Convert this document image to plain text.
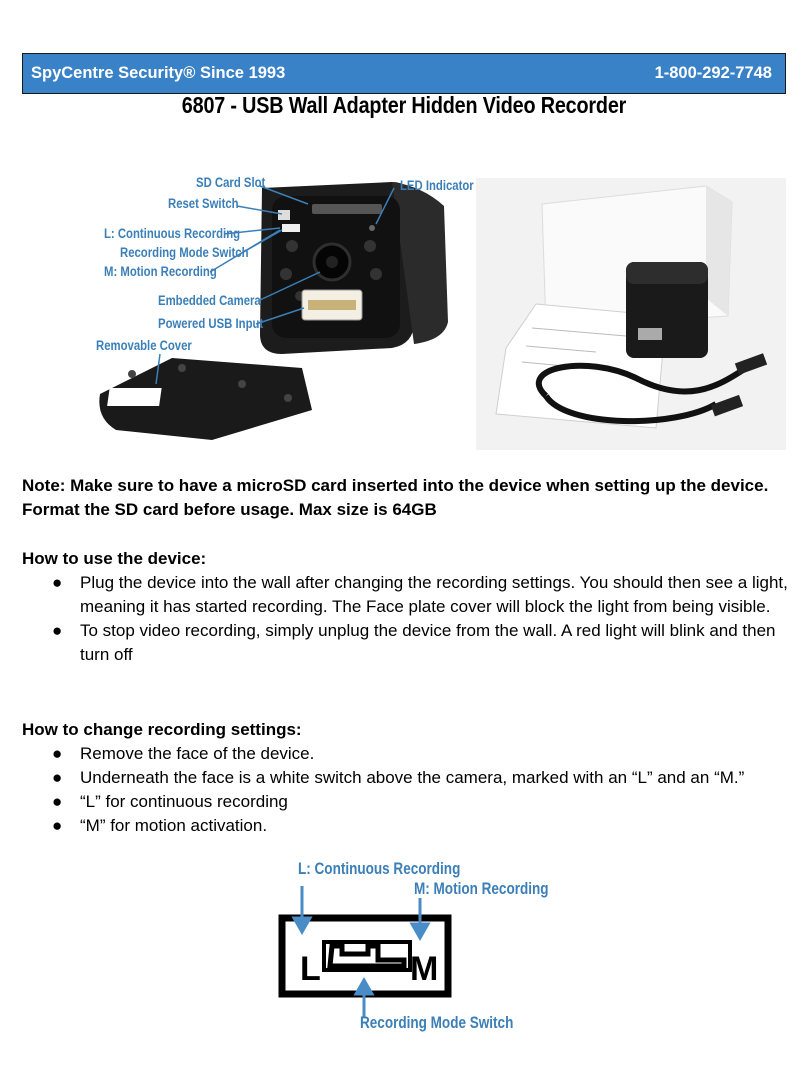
SpyCentre Security® Since 1993	1-800-292-7748
6807 - USB Wall Adapter Hidden Video Recorder
SD Card Slot
Reset Switch
L: Continuous Recording
Recording Mode Switch
M: Motion Recording
LED Indicator
Embedded Camera
Powered USB Input
Removable Cover
Note: Make sure to have a microSD card inserted into the device when setting up the device. Format the SD card before usage. Max size is 64GB
How to use the device:
● Plug the device into the wall after changing the recording settings. You should then see a light, meaning it has started recording. The Face plate cover will block the light from being visible.
● To stop video recording, simply unplug the device from the wall. A red light will blink and then turn off
How to change recording settings:
● Remove the face of the device.
● Underneath the face is a white switch above the camera, marked with an “L” and an “M.”
● “L” for continuous recording
● “M” for motion activation.
L	M
L: Continuous Recording
M: Motion Recording
Recording Mode Switch
